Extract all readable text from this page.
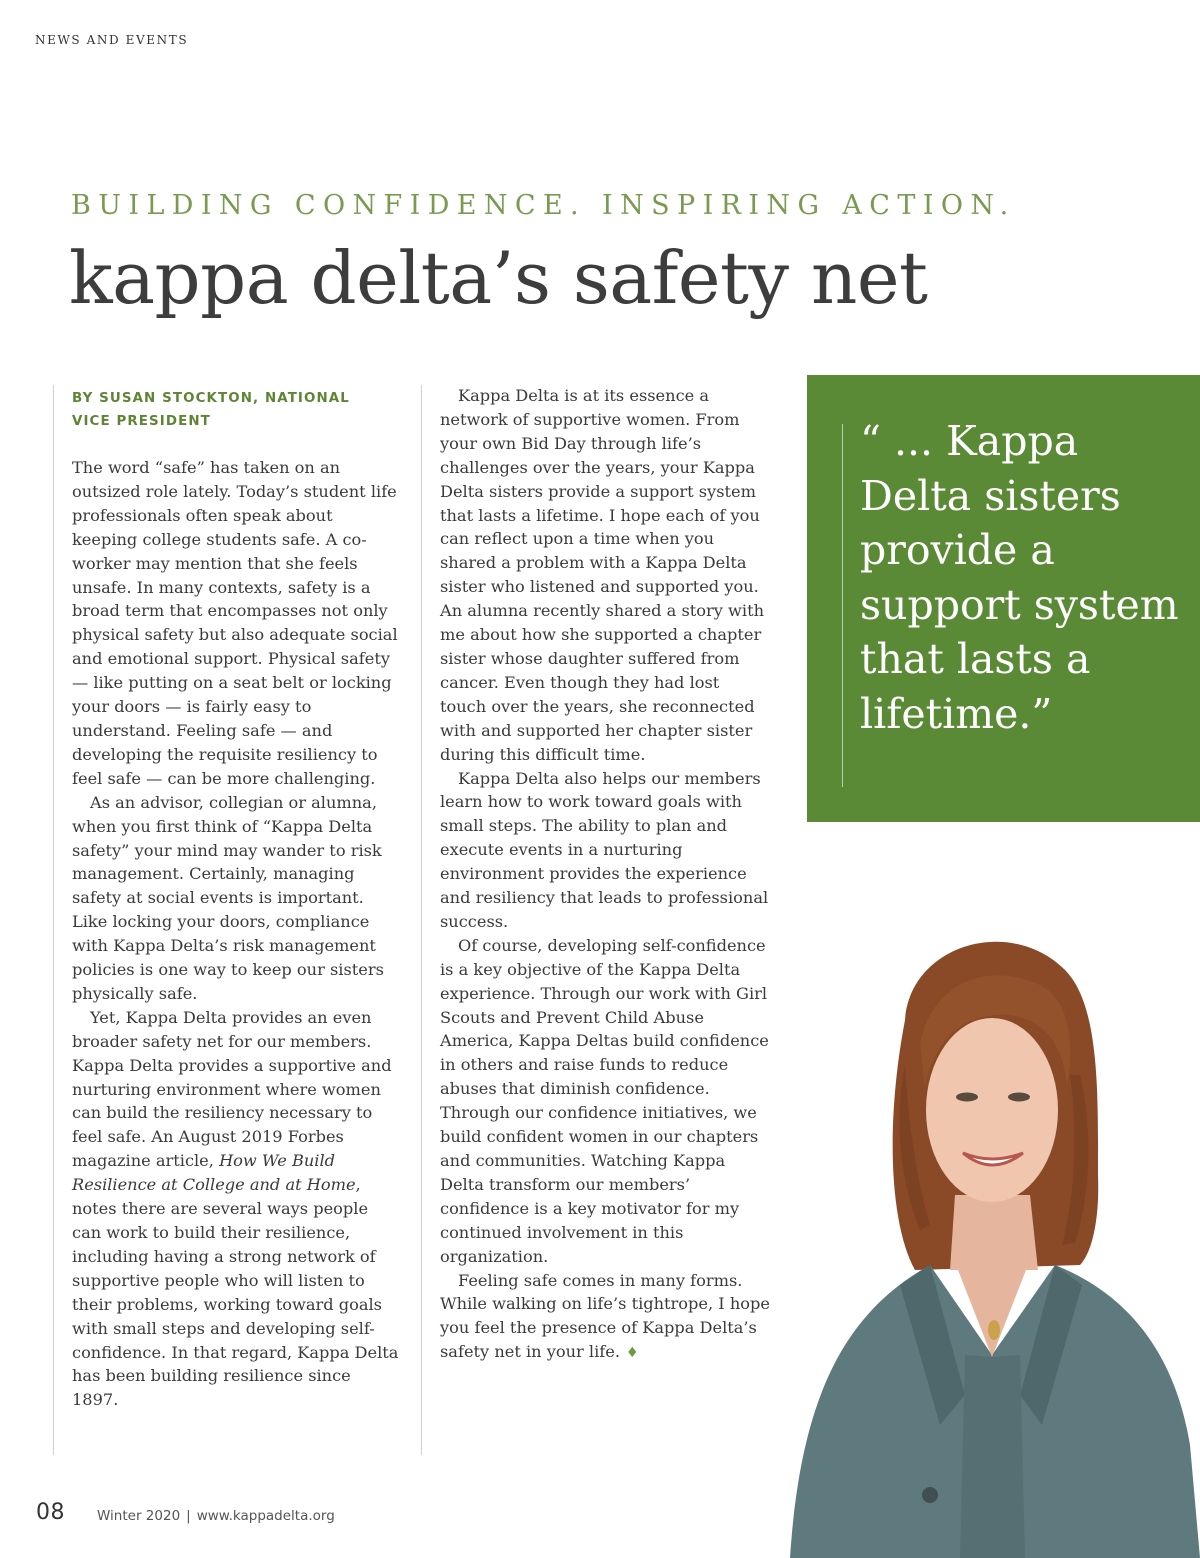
NEWS AND EVENTS
BUILDING CONFIDENCE. INSPIRING ACTION.
kappa delta’s safety net
BY SUSAN STOCKTON, NATIONAL VICE PRESIDENT

The word “safe” has taken on an outsized role lately. Today’s student life professionals often speak about keeping college students safe. A co-worker may mention that she feels unsafe. In many contexts, safety is a broad term that encompasses not only physical safety but also adequate social and emotional support. Physical safety — like putting on a seat belt or locking your doors — is fairly easy to understand. Feeling safe — and developing the requisite resiliency to feel safe — can be more challenging.

As an advisor, collegian or alumna, when you first think of “Kappa Delta safety” your mind may wander to risk management. Certainly, managing safety at social events is important. Like locking your doors, compliance with Kappa Delta’s risk management policies is one way to keep our sisters physically safe.

Yet, Kappa Delta provides an even broader safety net for our members. Kappa Delta provides a supportive and nurturing environment where women can build the resiliency necessary to feel safe. An August 2019 Forbes magazine article, How We Build Resilience at College and at Home, notes there are several ways people can work to build their resilience, including having a strong network of supportive people who will listen to their problems, working toward goals with small steps and developing self-confidence. In that regard, Kappa Delta has been building resilience since 1897.

Kappa Delta is at its essence a network of supportive women. From your own Bid Day through life’s challenges over the years, your Kappa Delta sisters provide a support system that lasts a lifetime. I hope each of you can reflect upon a time when you shared a problem with a Kappa Delta sister who listened and supported you. An alumna recently shared a story with me about how she supported a chapter sister whose daughter suffered from cancer. Even though they had lost touch over the years, she reconnected with and supported her chapter sister during this difficult time.

Kappa Delta also helps our members learn how to work toward goals with small steps. The ability to plan and execute events in a nurturing environment provides the experience and resiliency that leads to professional success.

Of course, developing self-confidence is a key objective of the Kappa Delta experience. Through our work with Girl Scouts and Prevent Child Abuse America, Kappa Deltas build confidence in others and raise funds to reduce abuses that diminish confidence. Through our confidence initiatives, we build confident women in our chapters and communities. Watching Kappa Delta transform our members’ confidence is a key motivator for my continued involvement in this organization.

Feeling safe comes in many forms. While walking on life’s tightrope, I hope you feel the presence of Kappa Delta’s safety net in your life. ♦

“ ... Kappa Delta sisters provide a support system that lasts a lifetime.”
08 Winter 2020 | www.kappadelta.org
